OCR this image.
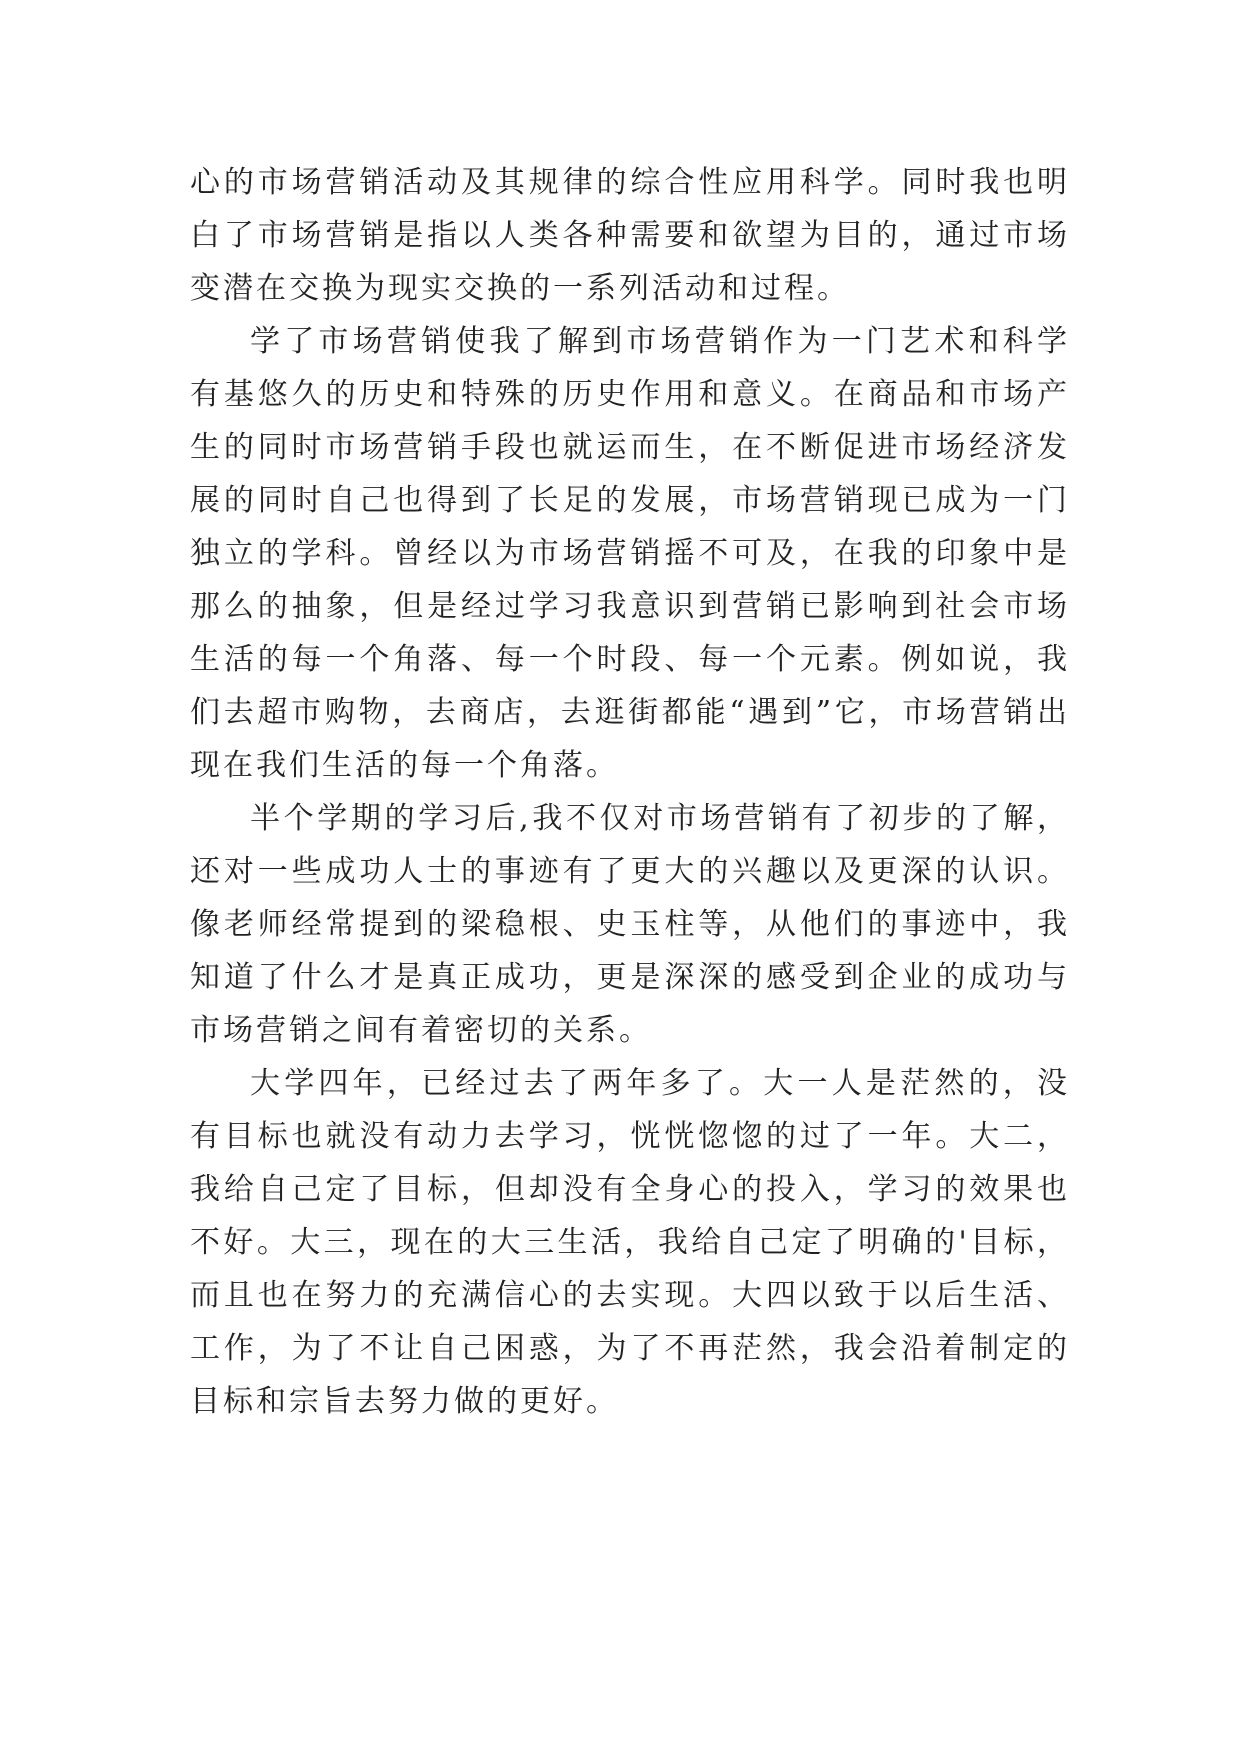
心的市场营销活动及其规律的综合性应用科学。同时我也明白了市场营销是指以人类各种需要和欲望为目的，通过市场变潜在交换为现实交换的一系列活动和过程。

学了市场营销使我了解到市场营销作为一门艺术和科学有基悠久的历史和特殊的历史作用和意义。在商品和市场产生的同时市场营销手段也就运而生，在不断促进市场经济发展的同时自己也得到了长足的发展，市场营销现已成为一门独立的学科。曾经以为市场营销摇不可及，在我的印象中是那么的抽象，但是经过学习我意识到营销已影响到社会市场生活的每一个角落、每一个时段、每一个元素。例如说，我们去超市购物，去商店，去逛街都能“遇到”它，市场营销出现在我们生活的每一个角落。

半个学期的学习后,我不仅对市场营销有了初步的了解，还对一些成功人士的事迹有了更大的兴趣以及更深的认识。像老师经常提到的梁稳根、史玉柱等，从他们的事迹中，我知道了什么才是真正成功，更是深深的感受到企业的成功与市场营销之间有着密切的关系。

大学四年，已经过去了两年多了。大一人是茫然的，没有目标也就没有动力去学习，恍恍惚惚的过了一年。大二，我给自己定了目标，但却没有全身心的投入，学习的效果也不好。大三，现在的大三生活，我给自己定了明确的'目标，而且也在努力的充满信心的去实现。大四以致于以后生活、工作，为了不让自己困惑，为了不再茫然，我会沿着制定的目标和宗旨去努力做的更好。
